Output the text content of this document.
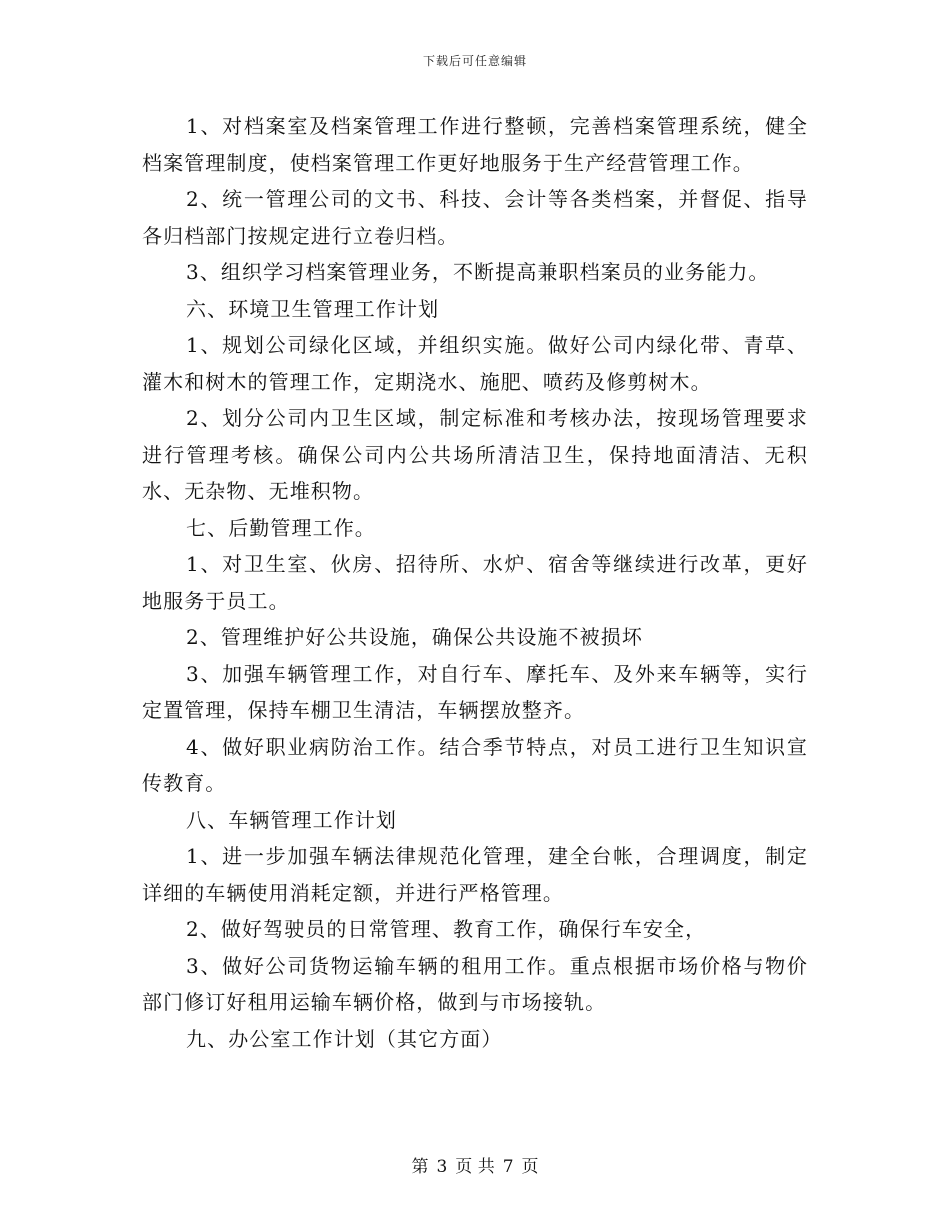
下载后可任意编辑

1、对档案室及档案管理工作进行整顿，完善档案管理系统，健全档案管理制度，使档案管理工作更好地服务于生产经营管理工作。

2、统一管理公司的文书、科技、会计等各类档案，并督促、指导各归档部门按规定进行立卷归档。

3、组织学习档案管理业务，不断提高兼职档案员的业务能力。

六、环境卫生管理工作计划

1、规划公司绿化区域，并组织实施。做好公司内绿化带、青草、灌木和树木的管理工作，定期浇水、施肥、喷药及修剪树木。

2、划分公司内卫生区域，制定标准和考核办法，按现场管理要求进行管理考核。确保公司内公共场所清洁卫生，保持地面清洁、无积水、无杂物、无堆积物。

七、后勤管理工作。

1、对卫生室、伙房、招待所、水炉、宿舍等继续进行改革，更好地服务于员工。

2、管理维护好公共设施，确保公共设施不被损坏

3、加强车辆管理工作，对自行车、摩托车、及外来车辆等，实行定置管理，保持车棚卫生清洁，车辆摆放整齐。

4、做好职业病防治工作。结合季节特点，对员工进行卫生知识宣传教育。

八、车辆管理工作计划

1、进一步加强车辆法律规范化管理，建全台帐，合理调度，制定详细的车辆使用消耗定额，并进行严格管理。

2、做好驾驶员的日常管理、教育工作，确保行车安全，

3、做好公司货物运输车辆的租用工作。重点根据市场价格与物价部门修订好租用运输车辆价格，做到与市场接轨。

九、办公室工作计划（其它方面）

第 3 页 共 7 页
